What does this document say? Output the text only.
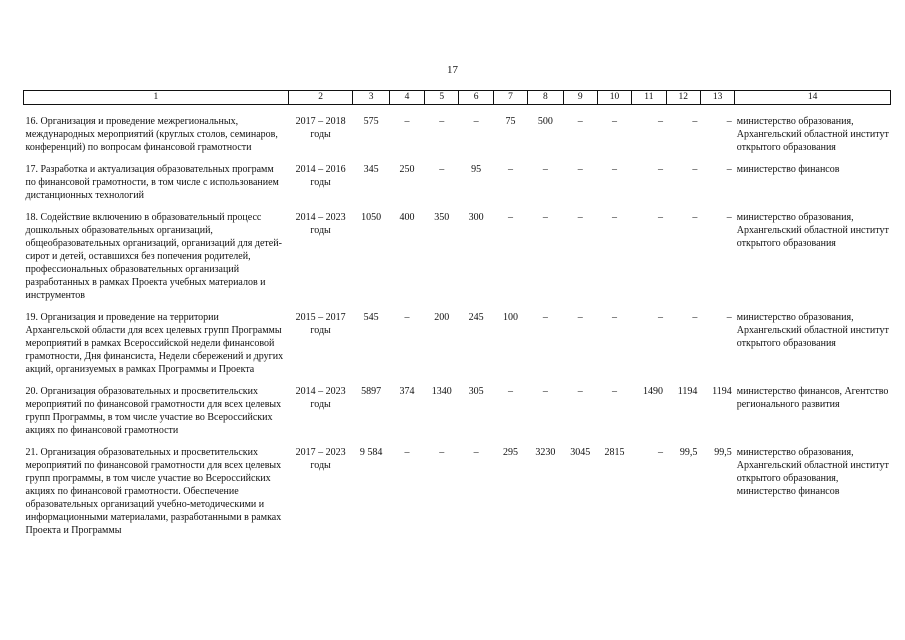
17
1	2	3	4	5	6	7	8	9	10	11	12	13	14
16. Организация и проведение межрегиональных, международных мероприятий (круглых столов, семинаров, конференций) по вопросам финансовой грамотности	2017 – 2018 годы	575	–	–	–	75	500	–	–	–	–	–	министерство образования, Архангельский областной институт открытого образования
17. Разработка и актуализация образовательных программ по финансовой грамотности, в том числе с использованием дистанционных технологий	2014 – 2016 годы	345	250	–	95	–	–	–	–	–	–	–	министерство финансов
18. Содействие включению в образовательный процесс дошкольных образовательных организаций, общеобразовательных организаций, организаций для детей-сирот и детей, оставшихся без попечения родителей, профессиональных образовательных организаций разработанных в рамках Проекта учебных материалов и инструментов	2014 – 2023 годы	1050	400	350	300	–	–	–	–	–	–	–	министерство образования, Архангельский областной институт открытого образования
19. Организация и проведение на территории Архангельской области для всех целевых групп Программы мероприятий в рамках Всероссийской недели финансовой грамотности, Дня финансиста, Недели сбережений и других акций, организуемых в рамках Программы и Проекта	2015 – 2017 годы	545	–	200	245	100	–	–	–	–	–	–	министерство образования, Архангельский областной институт открытого образования
20. Организация образовательных и просветительских мероприятий по финансовой грамотности для всех целевых групп Программы, в том числе участие во Всероссийских акциях по финансовой грамотности	2014 – 2023 годы	5897	374	1340	305	–	–	–	–	1490	1194	1194	министерство финансов, Агентство регионального развития
21. Организация образовательных и просветительских мероприятий по финансовой грамотности для всех целевых групп программы, в том числе участие во Всероссийских акциях по финансовой грамотности. Обеспечение образовательных организаций учебно-методическими и информационными материалами, разработанными в рамках Проекта и Программы	2017 – 2023 годы	9 584	–	–	–	295	3230	3045	2815	–	99,5	99,5	министерство образования, Архангельский областной институт открытого образования, министерство финансов
